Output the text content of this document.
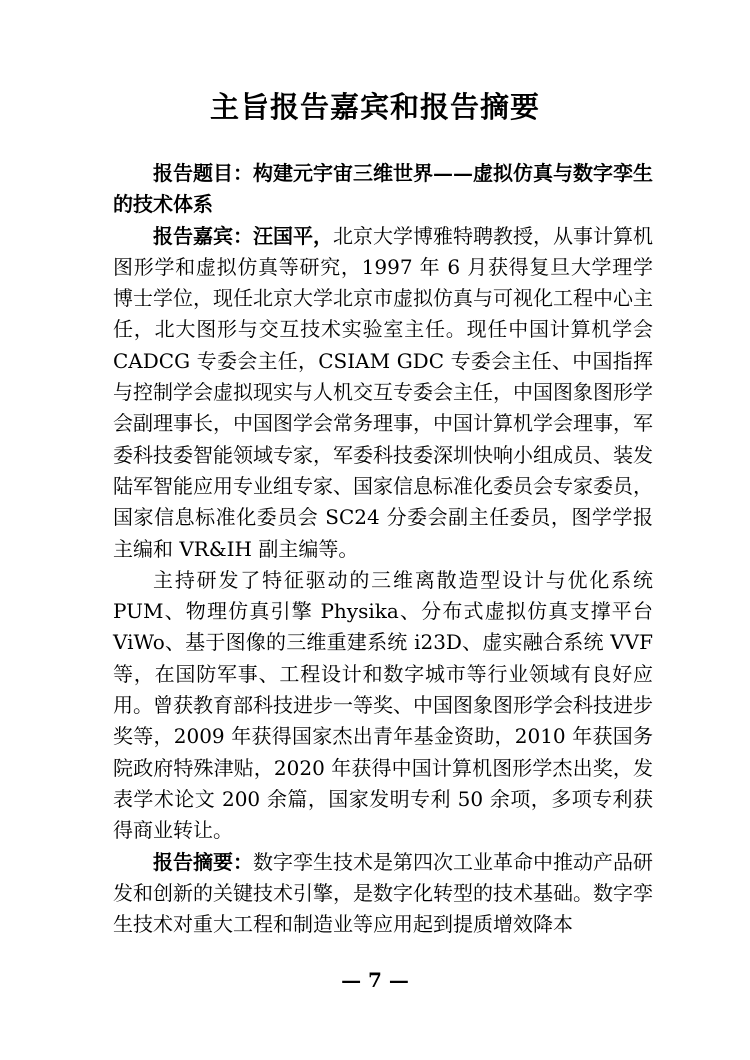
主旨报告嘉宾和报告摘要

报告题目：构建元宇宙三维世界——虚拟仿真与数字孪生的技术体系

报告嘉宾：汪国平，北京大学博雅特聘教授，从事计算机图形学和虚拟仿真等研究，1997 年 6 月获得复旦大学理学博士学位，现任北京大学北京市虚拟仿真与可视化工程中心主任，北大图形与交互技术实验室主任。现任中国计算机学会 CADCG 专委会主任，CSIAM GDC 专委会主任、中国指挥与控制学会虚拟现实与人机交互专委会主任，中国图象图形学会副理事长，中国图学会常务理事，中国计算机学会理事，军委科技委智能领域专家，军委科技委深圳快响小组成员、装发陆军智能应用专业组专家、国家信息标准化委员会专家委员，国家信息标准化委员会 SC24 分委会副主任委员，图学学报主编和 VR&IH 副主编等。

主持研发了特征驱动的三维离散造型设计与优化系统 PUM、物理仿真引擎 Physika、分布式虚拟仿真支撑平台 ViWo、基于图像的三维重建系统 i23D、虚实融合系统 VVF 等，在国防军事、工程设计和数字城市等行业领域有良好应用。曾获教育部科技进步一等奖、中国图象图形学会科技进步奖等，2009 年获得国家杰出青年基金资助，2010 年获国务院政府特殊津贴，2020 年获得中国计算机图形学杰出奖，发表学术论文 200 余篇，国家发明专利 50 余项，多项专利获得商业转让。

报告摘要：数字孪生技术是第四次工业革命中推动产品研发和创新的关键技术引擎，是数字化转型的技术基础。数字孪生技术对重大工程和制造业等应用起到提质增效降本

— 7 —
